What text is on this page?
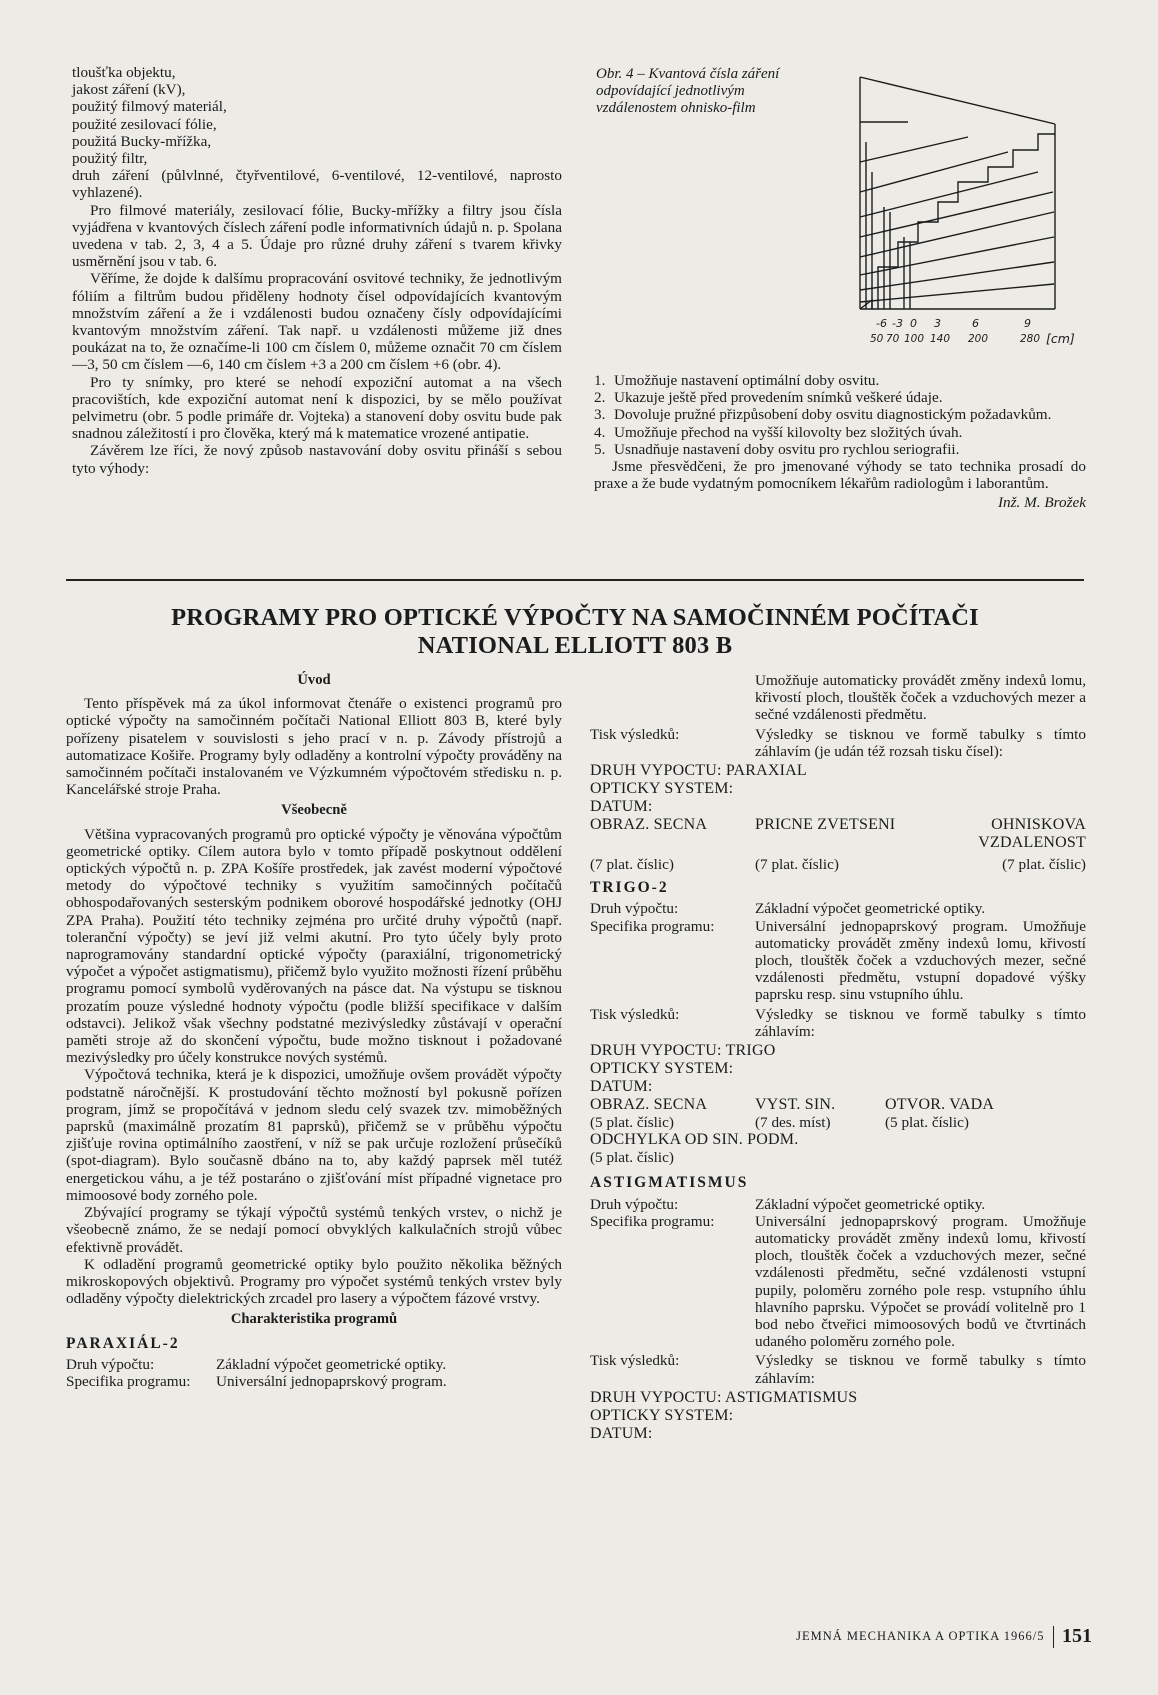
tloušťka objektu,

jakost záření (kV),

použitý filmový materiál,

použité zesilovací fólie,

použitá Bucky-mřížka,

použitý filtr,

druh záření (půlvlnné, čtyřventilové, 6-ventilové, 12-ventilové, naprosto vyhlazené).

Pro filmové materiály, zesilovací fólie, Bucky-mřížky a filtry jsou čísla vyjádřena v kvantových číslech záření podle informativních údajů n. p. Spolana uvedena v tab. 2, 3, 4 a 5. Údaje pro různé druhy záření s tvarem křivky usměrnění jsou v tab. 6.

Věříme, že dojde k dalšímu propracování osvitové techniky, že jednotlivým fóliím a filtrům budou přiděleny hodnoty čísel odpovídajících kvantovým množstvím záření a že i vzdálenosti budou označeny čísly odpovídajícími kvantovým množstvím záření. Tak např. u vzdálenosti můžeme již dnes poukázat na to, že označíme-li 100 cm číslem 0, můžeme označit 70 cm číslem —3, 50 cm číslem —6, 140 cm číslem +3 a 200 cm číslem +6 (obr. 4).

Pro ty snímky, pro které se nehodí expoziční automat a na všech pracovištích, kde expoziční automat není k dispozici, by se mělo používat pelvimetru (obr. 5 podle primáře dr. Vojteka) a stanovení doby osvitu bude pak snadnou záležitostí i pro člověka, který má k matematice vrozené antipatie.

Závěrem lze říci, že nový způsob nastavování doby osvitu přináší s sebou tyto výhody:

Obr. 4 – Kvantová čísla záření odpovídající jednotlivým vzdálenostem ohnisko-film
-6 -3 0 3	6	9
50 70 100 140 200	280 [cm]
1. Umožňuje nastavení optimální doby osvitu.
2. Ukazuje ještě před provedením snímků veškeré údaje.
3. Dovoluje pružné přizpůsobení doby osvitu diagnostickým požadavkům.
4. Umožňuje přechod na vyšší kilovolty bez složitých úvah.
5. Usnadňuje nastavení doby osvitu pro rychlou seriografii.

Jsme přesvědčeni, že pro jmenované výhody se tato technika prosadí do praxe a že bude vydatným pomocníkem lékařům radiologům i laborantům.

Inž. M. Brožek

PROGRAMY PRO OPTICKÉ VÝPOČTY NA SAMOČINNÉM POČÍTAČI
NATIONAL ELLIOTT 803 B
Úvod

Tento příspěvek má za úkol informovat čtenáře o existenci programů pro optické výpočty na samočinném počítači National Elliott 803 B, které byly pořízeny pisatelem v souvislosti s jeho prací v n. p. Závody přístrojů a automatizace Košiře. Programy byly odladěny a kontrolní výpočty prováděny na samočinném počítači instalovaném ve Výzkumném výpočtovém středisku n. p. Kancelářské stroje Praha.

Všeobecně

Většina vypracovaných programů pro optické výpočty je věnována výpočtům geometrické optiky. Cílem autora bylo v tomto případě poskytnout oddělení optických výpočtů n. p. ZPA Košíře prostředek, jak zavést moderní výpočtové metody do výpočtové techniky s využitím samočinných počítačů obhospodařovaných sesterským podnikem oborové hospodářské jednotky (OHJ ZPA Praha). Použití této techniky zejména pro určité druhy výpočtů (např. toleranční výpočty) se jeví již velmi akutní. Pro tyto účely byly proto naprogramovány standardní optické výpočty (paraxiální, trigonometrický výpočet a výpočet astigmatismu), přičemž bylo využito možnosti řízení průběhu programu pomocí symbolů vyděrovaných na pásce dat. Na výstupu se tisknou prozatím pouze výsledné hodnoty výpočtu (podle bližší specifikace v dalším odstavci). Jelikož však všechny podstatné mezivýsledky zůstávají v operační paměti stroje až do skončení výpočtu, bude možno tisknout i požadované mezivýsledky pro účely konstrukce nových systémů.

Výpočtová technika, která je k dispozici, umožňuje ovšem provádět výpočty podstatně náročnější. K prostudování těchto možností byl pokusně pořízen program, jímž se propočítává v jednom sledu celý svazek tzv. mimoběžných paprsků (maximálně prozatím 81 paprsků), přičemž se v průběhu výpočtu zjišťuje rovina optimálního zaostření, v níž se pak určuje rozložení průsečíků (spot-diagram). Bylo současně dbáno na to, aby každý paprsek měl tutéž energetickou váhu, a je též postaráno o zjišťování míst případné vignetace pro mimoosové body zorného pole.

Zbývající programy se týkají výpočtů systémů tenkých vrstev, o nichž je všeobecně známo, že se nedají pomocí obvyklých kalkulačních strojů vůbec efektivně provádět.

K odladění programů geometrické optiky bylo použito několika běžných mikroskopových objektivů. Programy pro výpočet systémů tenkých vrstev byly odladěny výpočty dielektrických zrcadel pro lasery a výpočtem fázové vrstvy.

Charakteristika programů
PARAXIÁL-2
Druh výpočtu:	Základní výpočet geometrické optiky.
Specifika programu:	Universální jednopaprskový program.
Umožňuje automaticky provádět změny indexů lomu, křivostí ploch, tlouštěk čoček a vzduchových mezer a sečné vzdálenosti předmětu.
Tisk výsledků:	Výsledky se tisknou ve formě tabulky s tímto záhlavím (je udán též rozsah tisku čísel):
DRUH VYPOCTU: PARAXIAL
OPTICKY SYSTEM:
DATUM:
OBRAZ. SECNA	PRICNE ZVETSENI	OHNISKOVA
VZDALENOST
(7 plat. číslic)	(7 plat. číslic)	(7 plat. číslic)
TRIGO-2
Druh výpočtu:	Základní výpočet geometrické optiky.
Specifika programu:	Universální jednopaprskový program. Umožňuje automaticky provádět změny indexů lomu, křivostí ploch, tlouštěk čoček a vzduchových mezer, sečné vzdálenosti předmětu, vstupní dopadové výšky paprsku resp. sinu vstupního úhlu.
Tisk výsledků:	Výsledky se tisknou ve formě tabulky s tímto záhlavím:
DRUH VYPOCTU: TRIGO
OPTICKY SYSTEM:
DATUM:
OBRAZ. SECNA	VYST. SIN.	OTVOR. VADA
(5 plat. číslic)	(7 des. míst)	(5 plat. číslic)
ODCHYLKA OD SIN. PODM.
(5 plat. číslic)
ASTIGMATISMUS
Druh výpočtu:	Základní výpočet geometrické optiky.
Specifika programu:	Universální jednopaprskový program. Umožňuje automaticky provádět změny indexů lomu, křivostí ploch, tlouštěk čoček a vzduchových mezer, sečné vzdálenosti předmětu, sečné vzdálenosti vstupní pupily, poloměru zorného pole resp. vstupního úhlu hlavního paprsku. Výpočet se provádí volitelně pro 1 bod nebo čtveřici mimoosových bodů ve čtvrtinách udaného poloměru zorného pole.
Tisk výsledků:	Výsledky se tisknou ve formě tabulky s tímto záhlavím:
DRUH VYPOCTU: ASTIGMATISMUS
OPTICKY SYSTEM:
DATUM:
JEMNÁ MECHANIKA A OPTIKA 1966/5 151
